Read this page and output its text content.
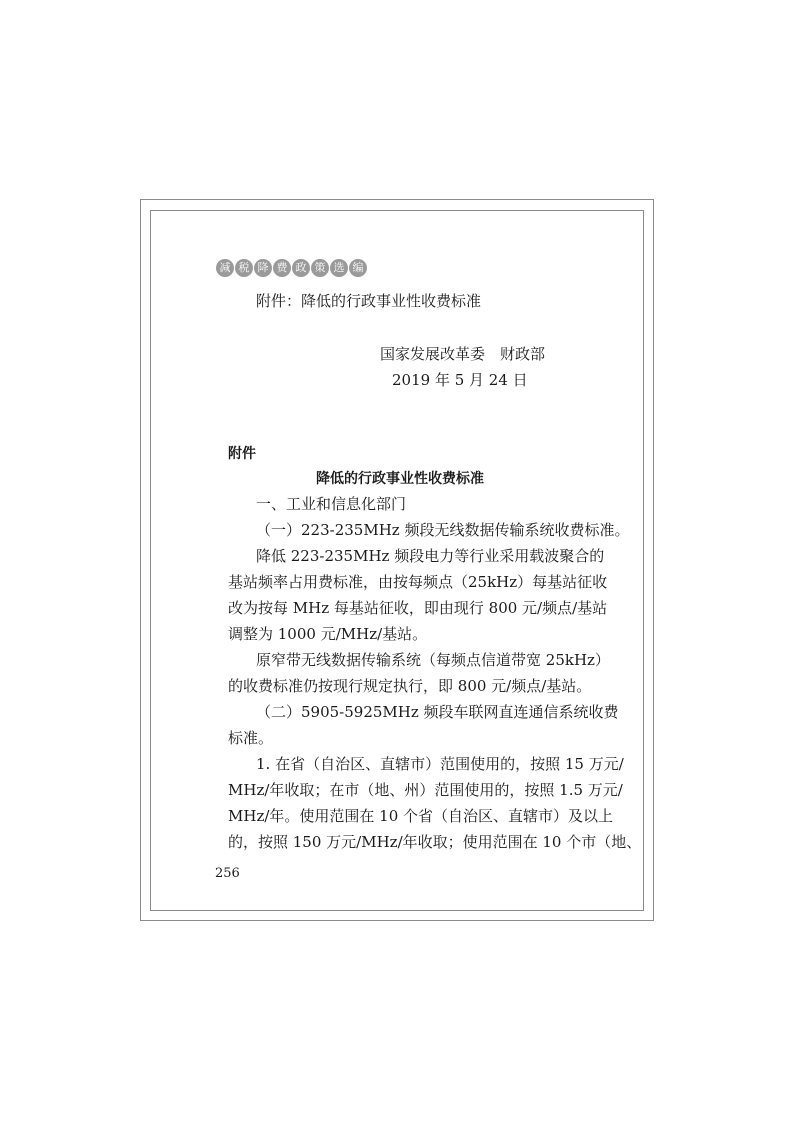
减 税 降 费 政 策 选 编
附件：降低的行政事业性收费标准
国家发展改革委　财政部
2019 年 5 月 24 日
附件
降低的行政事业性收费标准
一、工业和信息化部门
（一）223-235MHz 频段无线数据传输系统收费标准。
降低 223-235MHz 频段电力等行业采用载波聚合的
基站频率占用费标准，由按每频点（25kHz）每基站征收
改为按每 MHz 每基站征收，即由现行 800 元/频点/基站
调整为 1000 元/MHz/基站。
原窄带无线数据传输系统（每频点信道带宽 25kHz）
的收费标准仍按现行规定执行，即 800 元/频点/基站。
（二）5905-5925MHz 频段车联网直连通信系统收费
标准。
1. 在省（自治区、直辖市）范围使用的，按照 15 万元/
MHz/年收取；在市（地、州）范围使用的，按照 1.5 万元/
MHz/年。使用范围在 10 个省（自治区、直辖市）及以上
的，按照 150 万元/MHz/年收取；使用范围在 10 个市（地、
256
